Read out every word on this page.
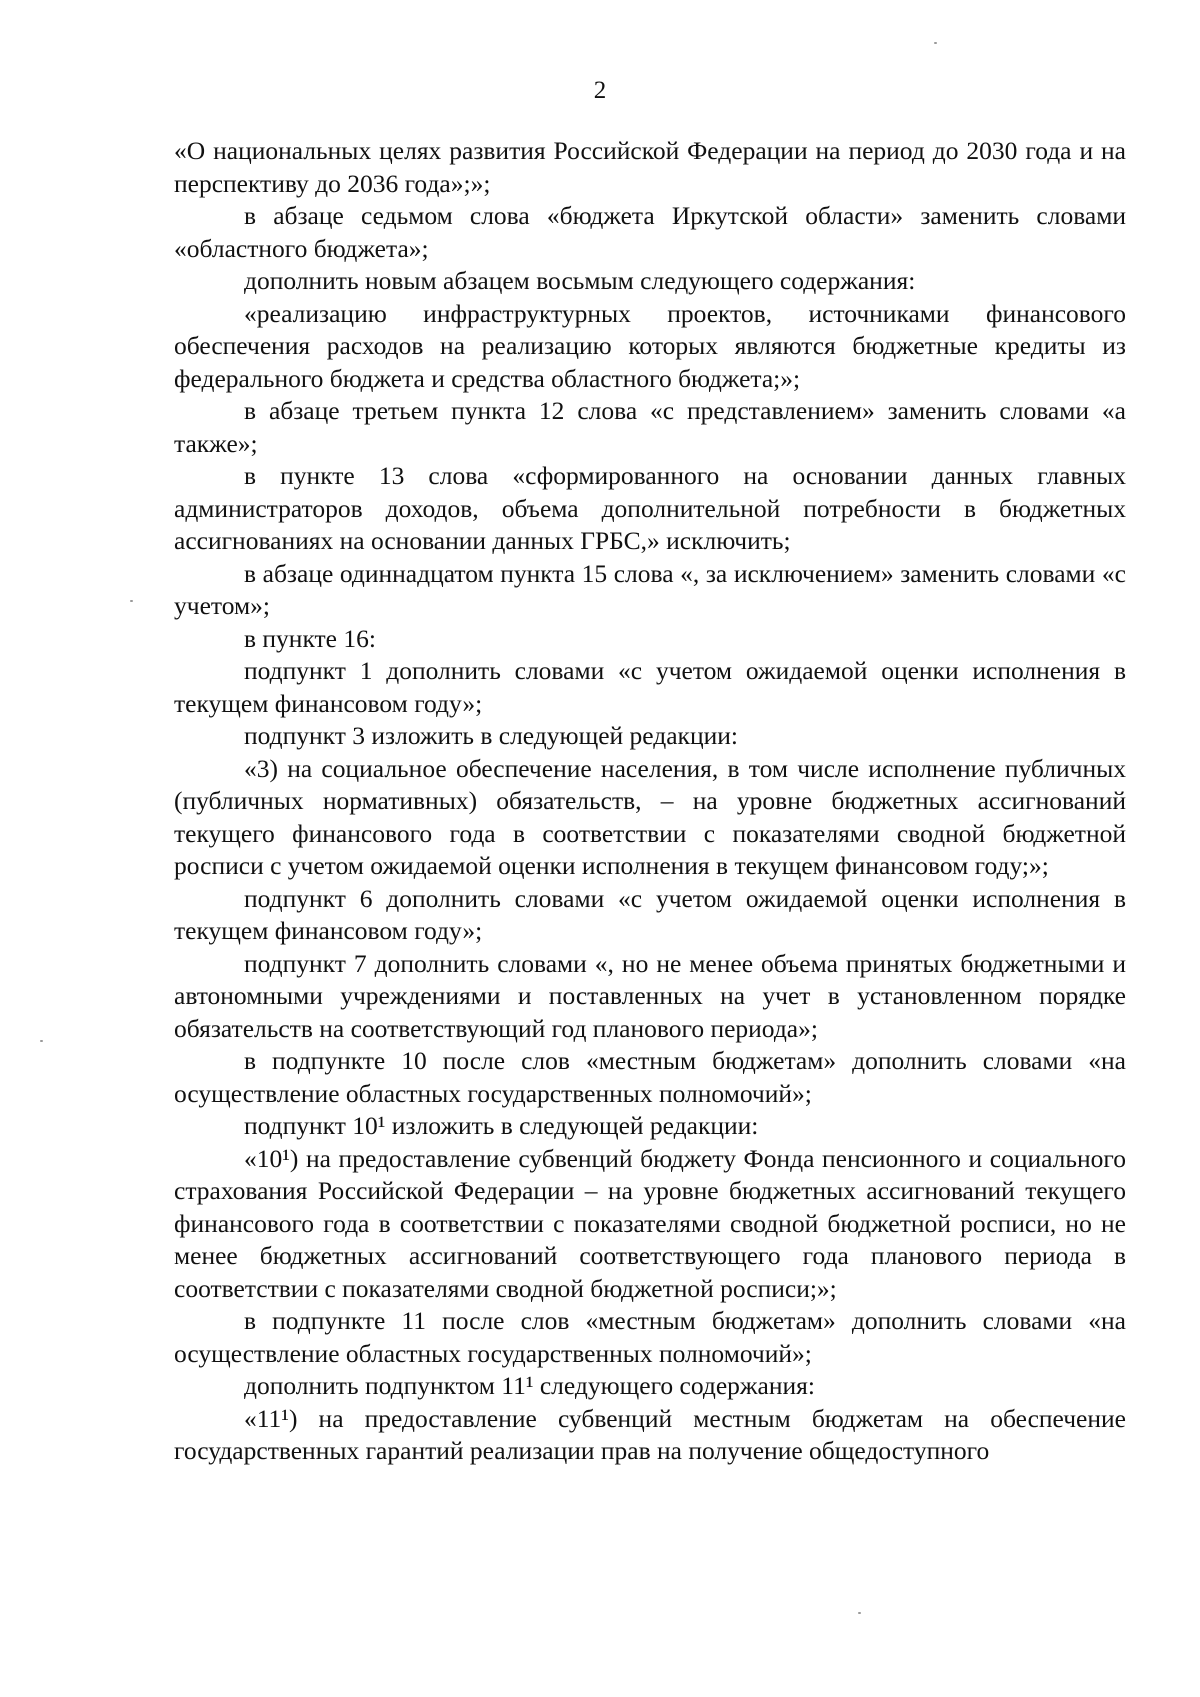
2

«О национальных целях развития Российской Федерации на период до 2030 года и на перспективу до 2036 года»;»;

в абзаце седьмом слова «бюджета Иркутской области» заменить словами «областного бюджета»;

дополнить новым абзацем восьмым следующего содержания:

«реализацию инфраструктурных проектов, источниками финансового обеспечения расходов на реализацию которых являются бюджетные кредиты из федерального бюджета и средства областного бюджета;»;

в абзаце третьем пункта 12 слова «с представлением» заменить словами «а также»;

в пункте 13 слова «сформированного на основании данных главных администраторов доходов, объема дополнительной потребности в бюджетных ассигнованиях на основании данных ГРБС,» исключить;

в абзаце одиннадцатом пункта 15 слова «, за исключением» заменить словами «с учетом»;

в пункте 16:

подпункт 1 дополнить словами «с учетом ожидаемой оценки исполнения в текущем финансовом году»;

подпункт 3 изложить в следующей редакции:

«3) на социальное обеспечение населения, в том числе исполнение публичных (публичных нормативных) обязательств, – на уровне бюджетных ассигнований текущего финансового года в соответствии с показателями сводной бюджетной росписи с учетом ожидаемой оценки исполнения в текущем финансовом году;»;

подпункт 6 дополнить словами «с учетом ожидаемой оценки исполнения в текущем финансовом году»;

подпункт 7 дополнить словами «, но не менее объема принятых бюджетными и автономными учреждениями и поставленных на учет в установленном порядке обязательств на соответствующий год планового периода»;

в подпункте 10 после слов «местным бюджетам» дополнить словами «на осуществление областных государственных полномочий»;

подпункт 10¹ изложить в следующей редакции:

«10¹) на предоставление субвенций бюджету Фонда пенсионного и социального страхования Российской Федерации – на уровне бюджетных ассигнований текущего финансового года в соответствии с показателями сводной бюджетной росписи, но не менее бюджетных ассигнований соответствующего года планового периода в соответствии с показателями сводной бюджетной росписи;»;

в подпункте 11 после слов «местным бюджетам» дополнить словами «на осуществление областных государственных полномочий»;

дополнить подпунктом 11¹ следующего содержания:

«11¹) на предоставление субвенций местным бюджетам на обеспечение государственных гарантий реализации прав на получение общедоступного
